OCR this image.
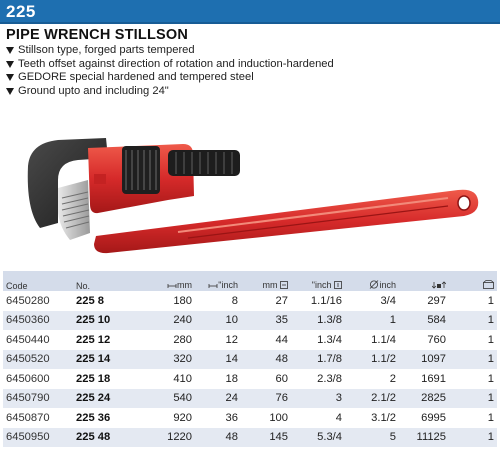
225
PIPE WRENCH STILLSON
Stillson type, forged parts tempered
Teeth offset against direction of rotation and induction-hardened
GEDORE special hardened and tempered steel
Ground upto and including 24"
Code	No.	mm	"inch	mm	"inch	inch		
6450280	225 8	180	8	27	1.1/16	3/4	297	1
6450360	225 10	240	10	35	1.3/8	1	584	1
6450440	225 12	280	12	44	1.3/4	1.1/4	760	1
6450520	225 14	320	14	48	1.7/8	1.1/2	1097	1
6450600	225 18	410	18	60	2.3/8	2	1691	1
6450790	225 24	540	24	76	3	2.1/2	2825	1
6450870	225 36	920	36	100	4	3.1/2	6995	1
6450950	225 48	1220	48	145	5.3/4	5	11125	1
